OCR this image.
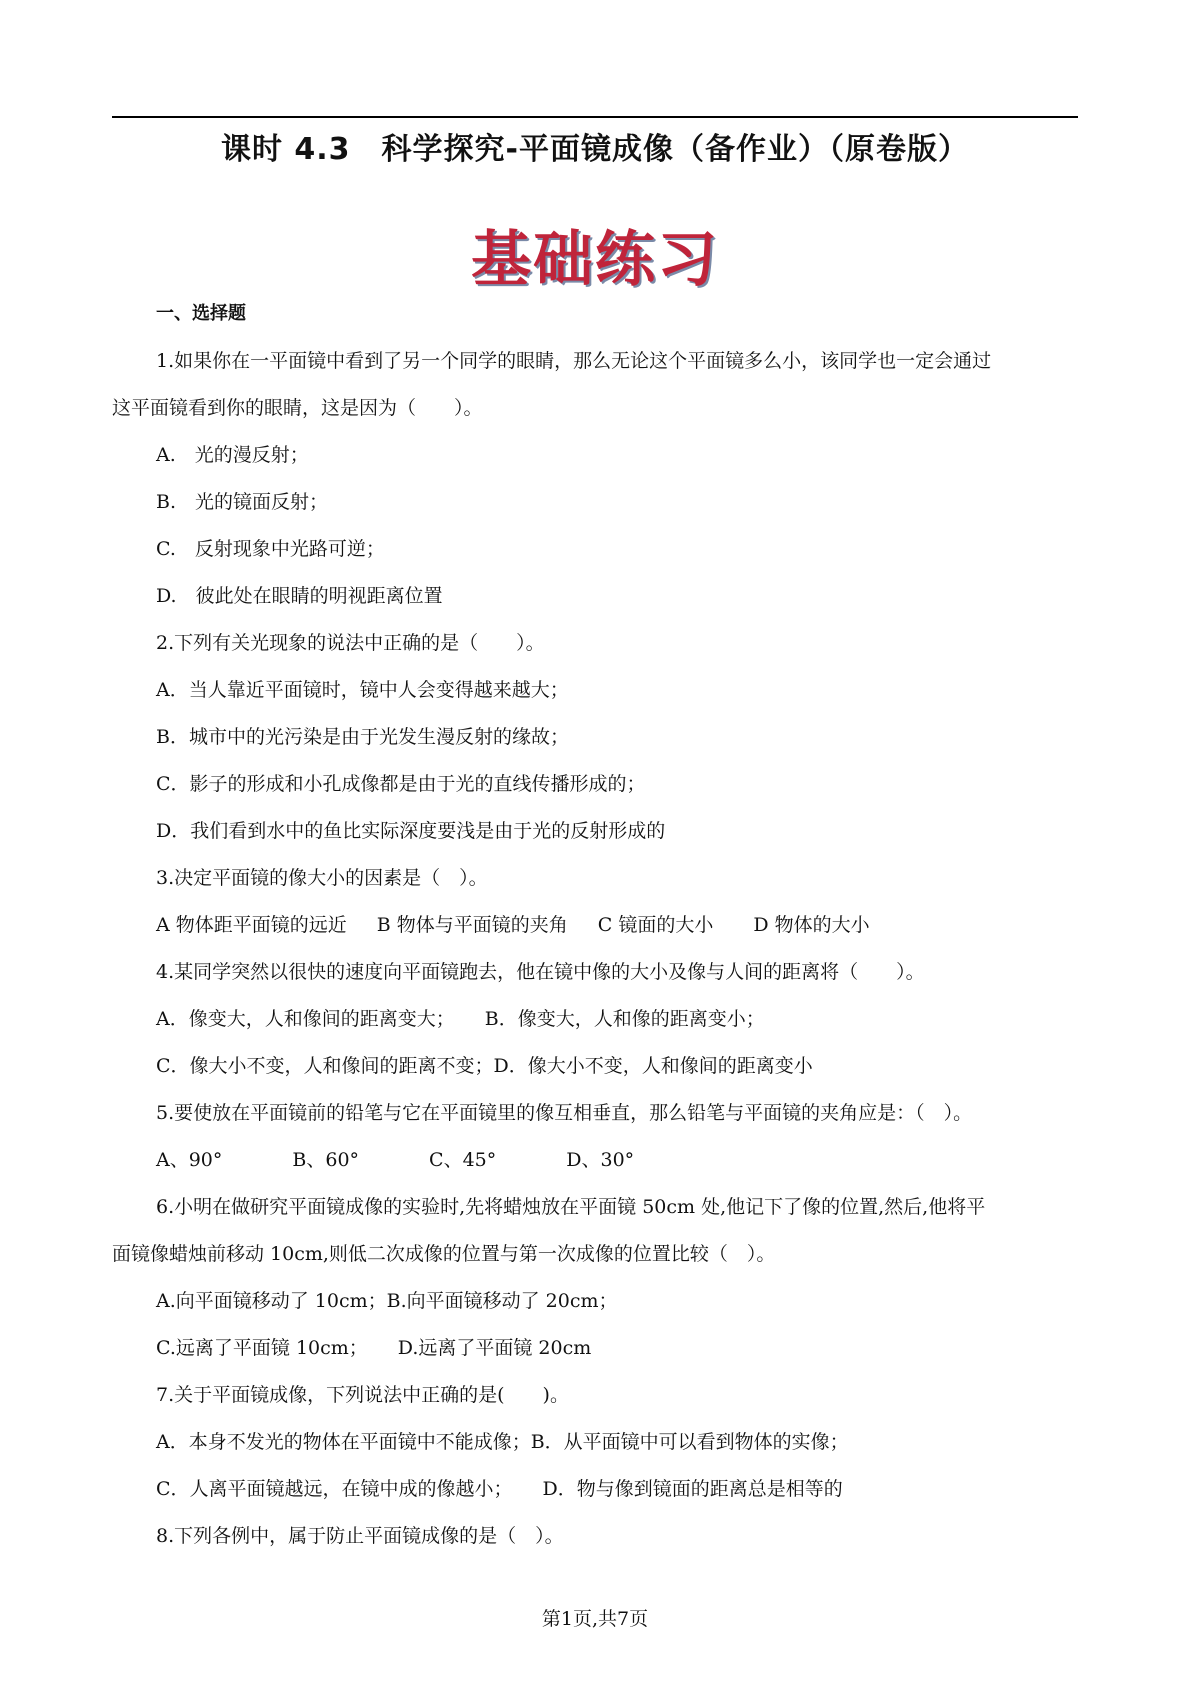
课时 4.3　科学探究-平面镜成像（备作业）（原卷版）
基础练习
一、选择题
1.如果你在一平面镜中看到了另一个同学的眼睛，那么无论这个平面镜多么小，该同学也一定会通过
这平面镜看到你的眼睛，这是因为（　　）。
A.　光的漫反射；
B.　光的镜面反射；
C.　反射现象中光路可逆；
D.　彼此处在眼睛的明视距离位置
2.下列有关光现象的说法中正确的是（　　）。
A．当人靠近平面镜时，镜中人会变得越来越大；
B．城市中的光污染是由于光发生漫反射的缘故；
C．影子的形成和小孔成像都是由于光的直线传播形成的；
D．我们看到水中的鱼比实际深度要浅是由于光的反射形成的
3.决定平面镜的像大小的因素是（　）。
A 物体距平面镜的远近 B 物体与平面镜的夹角 C 镜面的大小 D 物体的大小
4.某同学突然以很快的速度向平面镜跑去，他在镜中像的大小及像与人间的距离将（　　）。
A．像变大，人和像间的距离变大； B．像变大，人和像的距离变小；
C．像大小不变，人和像间的距离不变；D．像大小不变，人和像间的距离变小
5.要使放在平面镜前的铅笔与它在平面镜里的像互相垂直，那么铅笔与平面镜的夹角应是：（　）。
A、90°	B、60°	C、45°	D、30°
6.小明在做研究平面镜成像的实验时,先将蜡烛放在平面镜 50cm 处,他记下了像的位置,然后,他将平
面镜像蜡烛前移动 10cm,则低二次成像的位置与第一次成像的位置比较（　）。
A.向平面镜移动了 10cm；B.向平面镜移动了 20cm；
C.远离了平面镜 10cm； D.远离了平面镜 20cm
7.关于平面镜成像，下列说法中正确的是(　　)。
A．本身不发光的物体在平面镜中不能成像；B．从平面镜中可以看到物体的实像；
C．人离平面镜越远，在镜中成的像越小； D．物与像到镜面的距离总是相等的
8.下列各例中，属于防止平面镜成像的是（　）。
第1页,共7页
